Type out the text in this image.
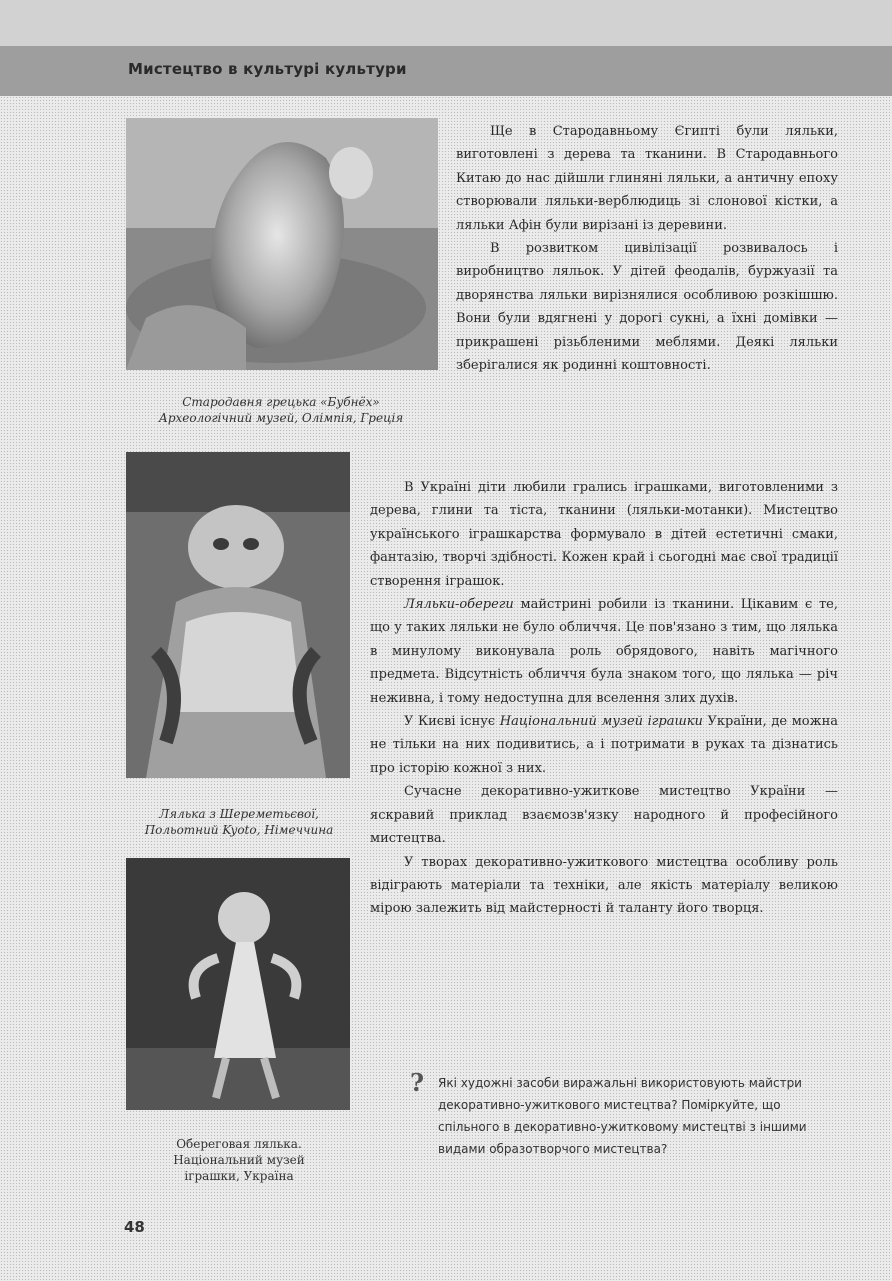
Мистецтво в культурі культури
Стародавня грецька «Бубнёх»
Археологічний музей, Олімпія, Греція
Лялька з Шереметьєвої,
Польотний Kyoto, Німеччина
Обереговая лялька.
Національний музей
іграшки, Україна

Ще в Стародавньому Єгипті були ляльки, виготовлені з дерева та тканини. В Стародавнього Китаю до нас дійшли глиняні ляльки, а античну епоху створювали ляльки-верблюдиць зі слонової кістки, а ляльки Афін були вирізані із деревини.

В розвитком цивілізації розвивалось і виробництво ляльок. У дітей феодалів, буржуазії та дворянства ляльки вирізнялися особливою розкішшю. Вони були вдягнені у дорогі сукні, а їхні домівки — прикрашені різьбленими меблями. Деякі ляльки зберігалися як родинні коштовності.

В Україні діти любили грались іграшками, виготовленими з дерева, глини та тіста, тканини (ляльки-мотанки). Мистецтво українського іграшкарства формувало в дітей естетичні смаки, фантазію, творчі здібності. Кожен край і сьогодні має свої традиції створення іграшок.

Ляльки-обереги майстрині робили із тканини. Цікавим є те, що у таких ляльки не було обличчя. Це пов'язано з тим, що лялька в минулому виконувала роль обрядового, навіть магічного предмета. Відсутність обличчя була знаком того, що лялька — річ неживна, і тому недоступна для вселення злих духів.

У Києві існує Національний музей іграшки України, де можна не тільки на них подивитись, а і потримати в руках та дізнатись про історію кожної з них.

Сучасне декоративно-ужиткове мистецтво України — яскравий приклад взаємозв'язку народного й професійного мистецтва.

У творах декоративно-ужиткового мистецтва особливу роль відіграють матеріали та техніки, але якість матеріалу великою мірою залежить від майстерності й таланту його творця.

? Які художні засоби виражальні використовують майстри декоративно-ужиткового мистецтва? Поміркуйте, що спільного в декоративно-ужитковому мистецтві з іншими видами образотворчого мистецтва?
48
